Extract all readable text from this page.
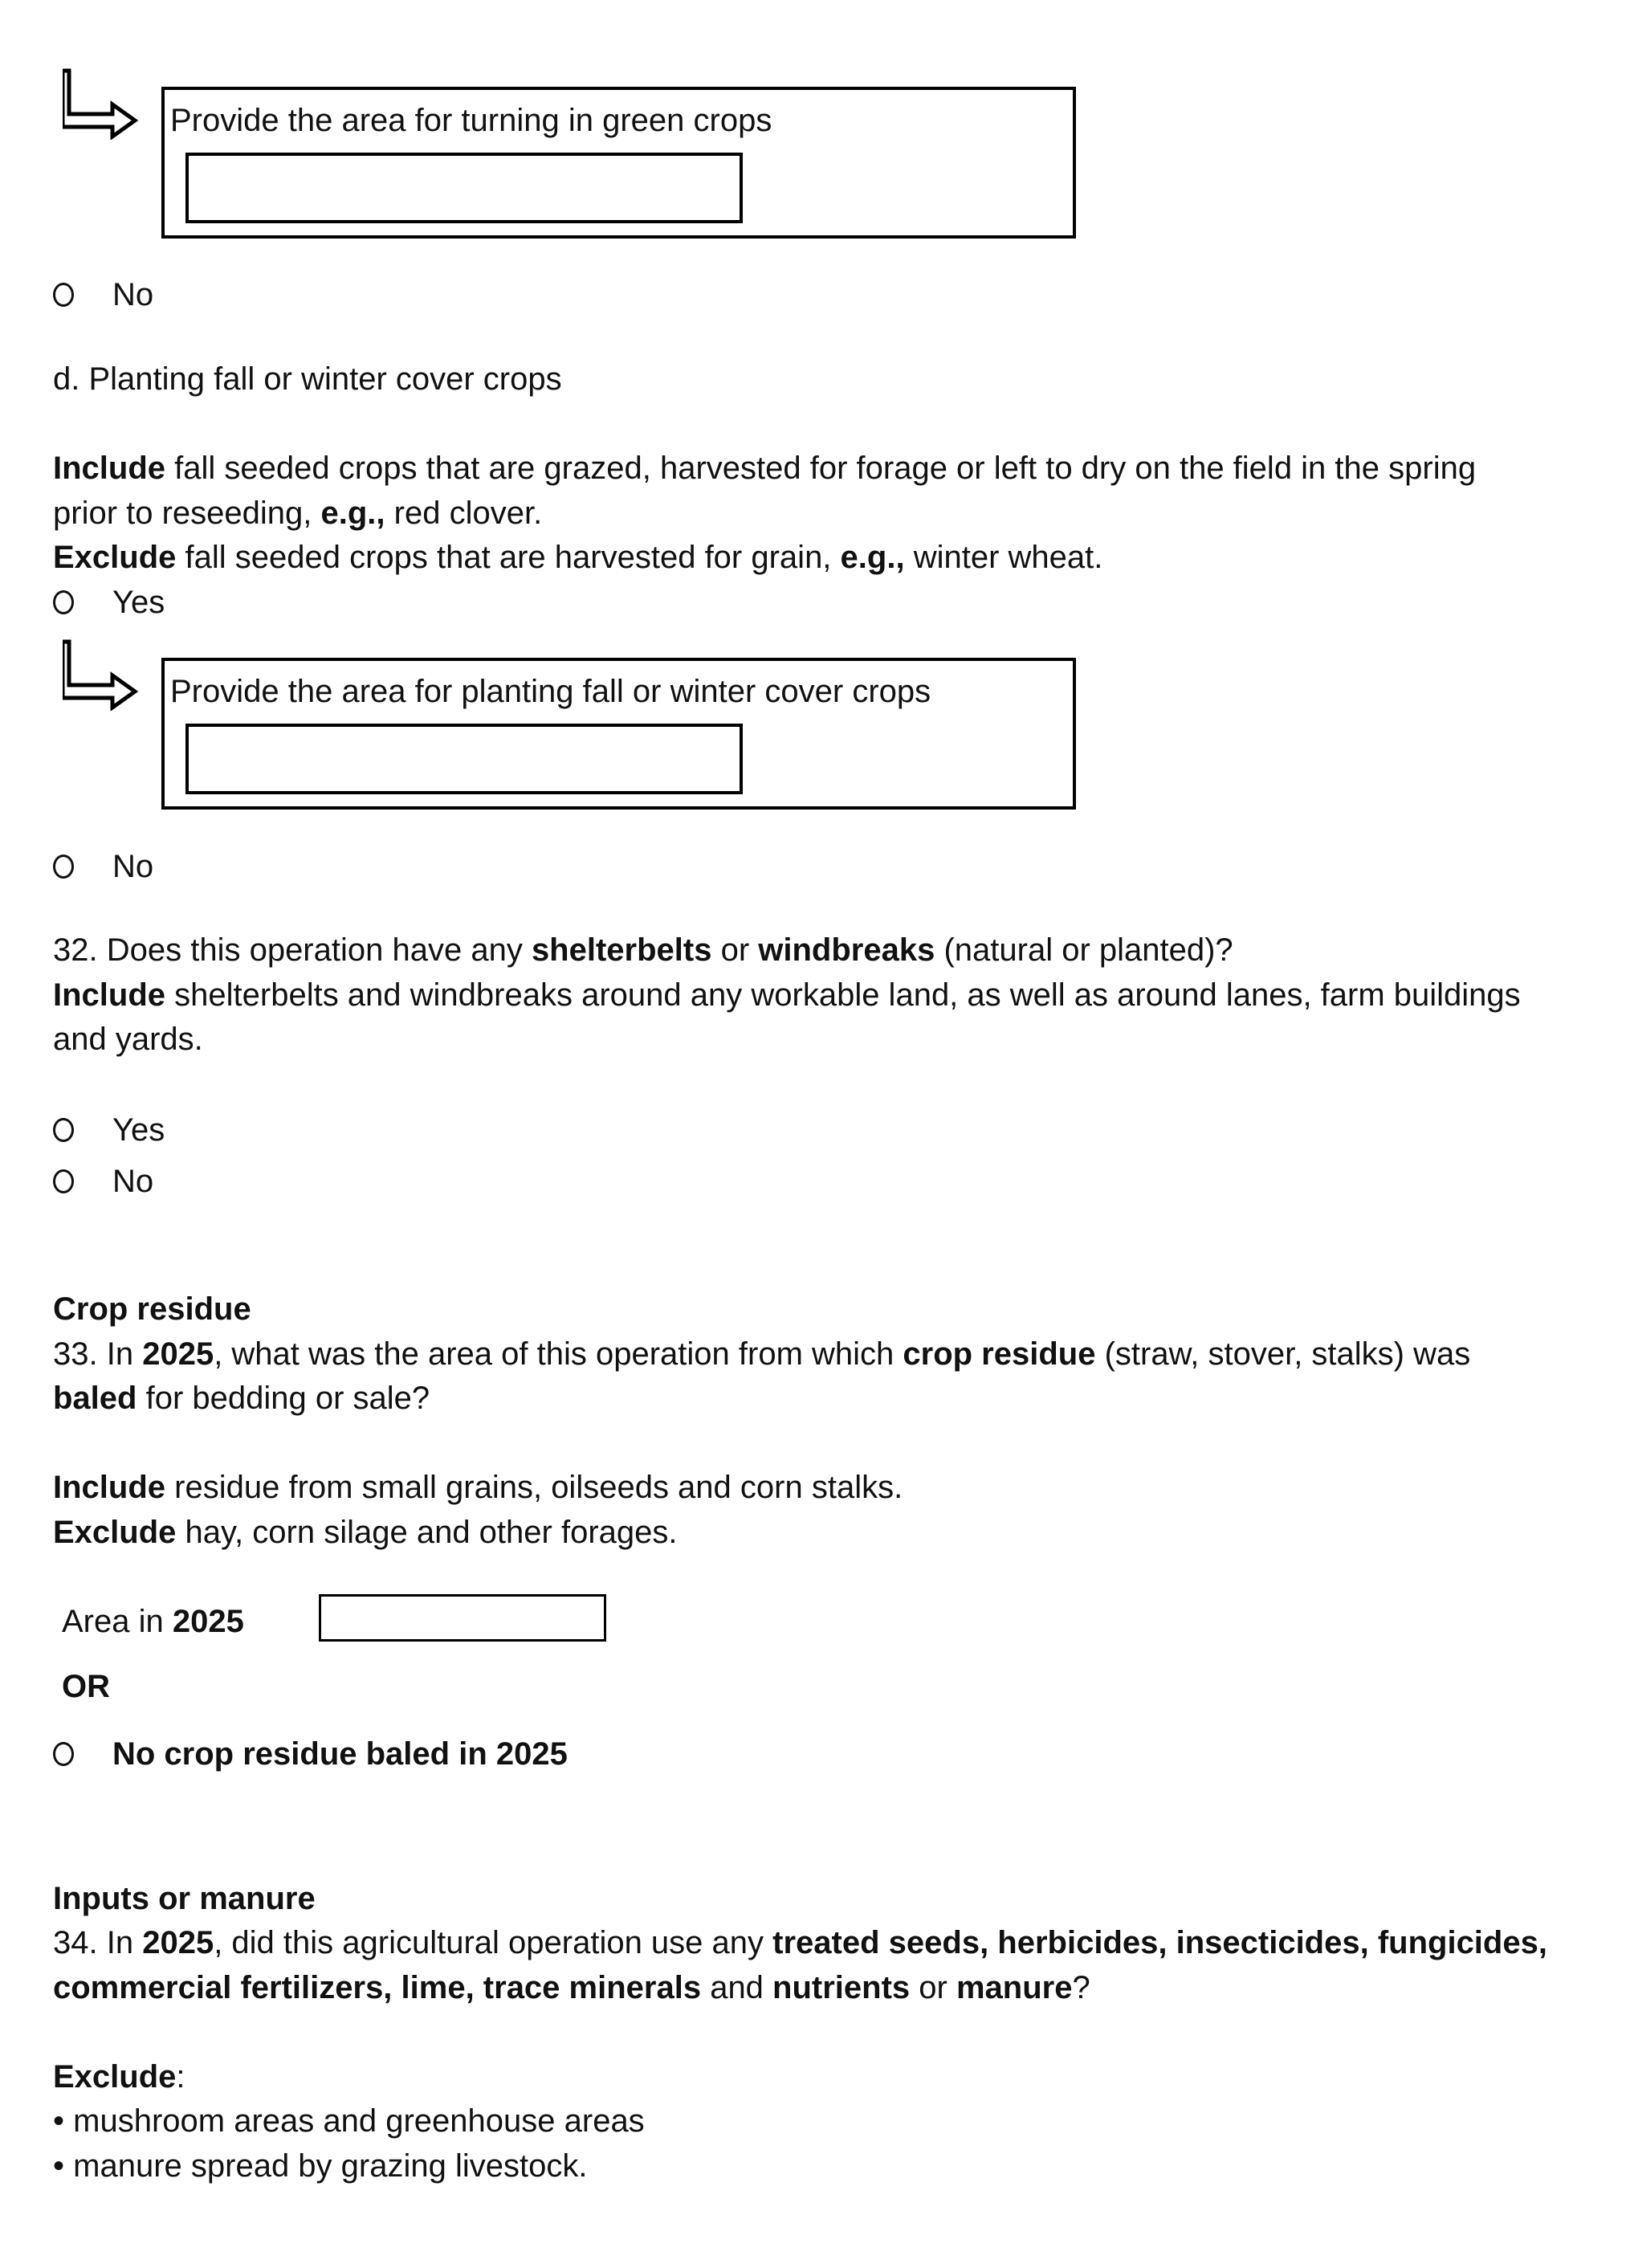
Provide the area for turning in green crops
No
d. Planting fall or winter cover crops
Include fall seeded crops that are grazed, harvested for forage or left to dry on the field in the spring
prior to reseeding, e.g., red clover.
Exclude fall seeded crops that are harvested for grain, e.g., winter wheat.
Yes
Provide the area for planting fall or winter cover crops
No
32. Does this operation have any shelterbelts or windbreaks (natural or planted)?
Include shelterbelts and windbreaks around any workable land, as well as around lanes, farm buildings
and yards.
Yes
No
Crop residue
33. In 2025, what was the area of this operation from which crop residue (straw, stover, stalks) was
baled for bedding or sale?
Include residue from small grains, oilseeds and corn stalks.
Exclude hay, corn silage and other forages.
Area in 2025
OR
No crop residue baled in 2025
Inputs or manure
34. In 2025, did this agricultural operation use any treated seeds, herbicides, insecticides, fungicides,
commercial fertilizers, lime, trace minerals and nutrients or manure?
Exclude:
• mushroom areas and greenhouse areas
• manure spread by grazing livestock.
